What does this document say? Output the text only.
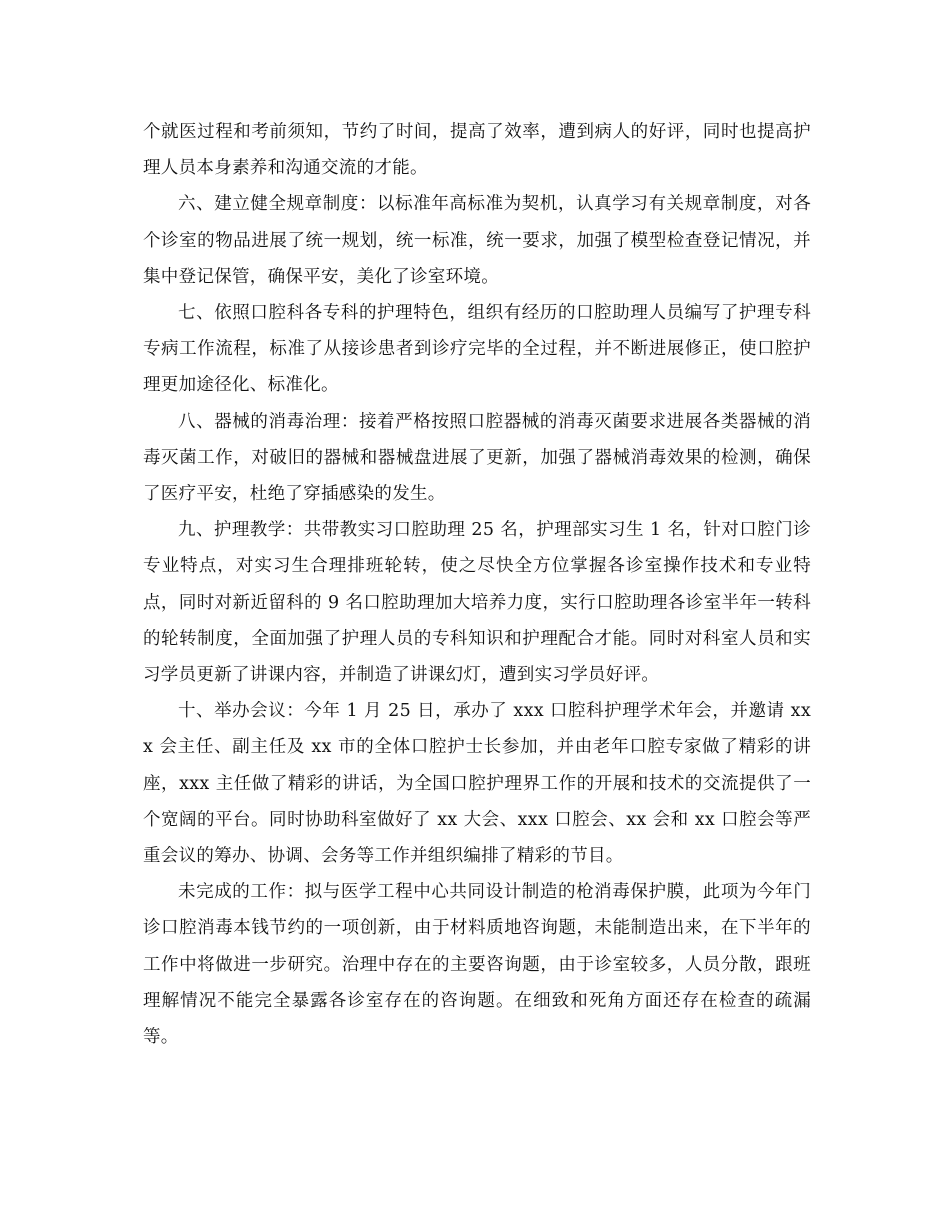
个就医过程和考前须知，节约了时间，提高了效率，遭到病人的好评，同时也提高护理人员本身素养和沟通交流的才能。

六、建立健全规章制度：以标准年高标准为契机，认真学习有关规章制度，对各个诊室的物品进展了统一规划，统一标准，统一要求，加强了模型检查登记情况，并集中登记保管，确保平安，美化了诊室环境。

七、依照口腔科各专科的护理特色，组织有经历的口腔助理人员编写了护理专科专病工作流程，标准了从接诊患者到诊疗完毕的全过程，并不断进展修正，使口腔护理更加途径化、标准化。

八、器械的消毒治理：接着严格按照口腔器械的消毒灭菌要求进展各类器械的消毒灭菌工作，对破旧的器械和器械盘进展了更新，加强了器械消毒效果的检测，确保了医疗平安，杜绝了穿插感染的发生。

九、护理教学：共带教实习口腔助理 25 名，护理部实习生 1 名，针对口腔门诊专业特点，对实习生合理排班轮转，使之尽快全方位掌握各诊室操作技术和专业特点，同时对新近留科的 9 名口腔助理加大培养力度，实行口腔助理各诊室半年一转科的轮转制度，全面加强了护理人员的专科知识和护理配合才能。同时对科室人员和实习学员更新了讲课内容，并制造了讲课幻灯，遭到实习学员好评。

十、举办会议：今年 1 月 25 日，承办了 xxx 口腔科护理学术年会，并邀请 xxx 会主任、副主任及 xx 市的全体口腔护士长参加，并由老年口腔专家做了精彩的讲座，xxx 主任做了精彩的讲话，为全国口腔护理界工作的开展和技术的交流提供了一个宽阔的平台。同时协助科室做好了 xx 大会、xxx 口腔会、xx 会和 xx 口腔会等严重会议的筹办、协调、会务等工作并组织编排了精彩的节目。

未完成的工作：拟与医学工程中心共同设计制造的枪消毒保护膜，此项为今年门诊口腔消毒本钱节约的一项创新，由于材料质地咨询题，未能制造出来，在下半年的工作中将做进一步研究。治理中存在的主要咨询题，由于诊室较多，人员分散，跟班理解情况不能完全暴露各诊室存在的咨询题。在细致和死角方面还存在检查的疏漏等。
